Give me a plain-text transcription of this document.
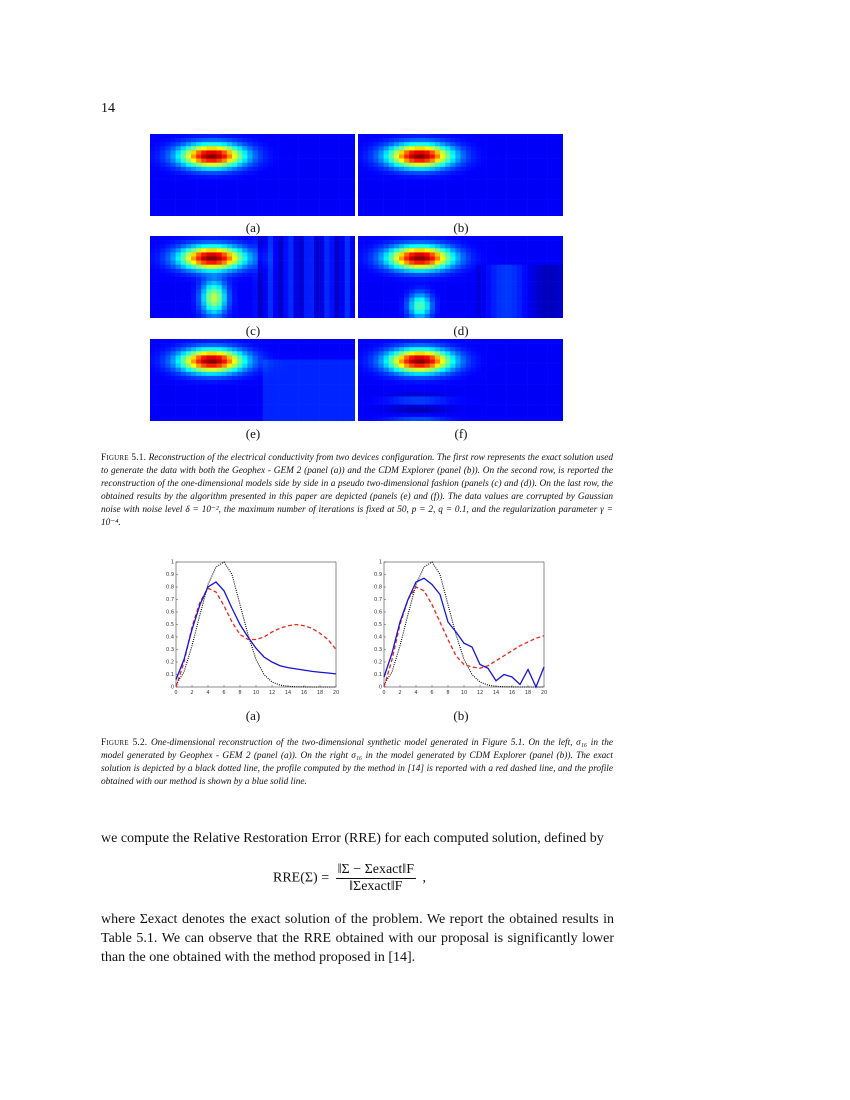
14
(a)	(b)
(c)	(d)
(e)	(f)
Figure 5.1. Reconstruction of the electrical conductivity from two devices configuration. The first row represents the exact solution used to generate the data with both the Geophex - GEM 2 (panel (a)) and the CDM Explorer (panel (b)). On the second row, is reported the reconstruction of the one-dimensional models side by side in a pseudo two-dimensional fashion (panels (c) and (d)). On the last row, the obtained results by the algorithm presented in this paper are depicted (panels (e) and (f)). The data values are corrupted by Gaussian noise with noise level δ = 10⁻², the maximum number of iterations is fixed at 50, p = 2, q = 0.1, and the regularization parameter γ = 10⁻⁴.
0	2	4	6	8 10 12 14 16 18 20
0
0.1
0.2
0.3
0.4
0.5
0.6
0.7
0.8
0.9
1
0	2	4	6	8 10 12 14 16 18 20
0
0.1
0.2
0.3
0.4
0.5
0.6
0.7
0.8
0.9
1
(a)	(b)
Figure 5.2. One-dimensional reconstruction of the two-dimensional synthetic model generated in Figure 5.1. On the left, σ₁₆ in the model generated by Geophex - GEM 2 (panel (a)). On the right σ₁₆ in the model generated by CDM Explorer (panel (b)). The exact solution is depicted by a black dotted line, the profile computed by the method in [14] is reported with a red dashed line, and the profile obtained with our method is shown by a blue solid line.
we compute the Relative Restoration Error (RRE) for each computed solution, defined by
RRE(Σ) =
‖Σ − Σexact‖F
‖Σexact‖F
,
where Σexact denotes the exact solution of the problem. We report the obtained results in Table 5.1. We can observe that the RRE obtained with our proposal is significantly lower than the one obtained with the method proposed in [14].
